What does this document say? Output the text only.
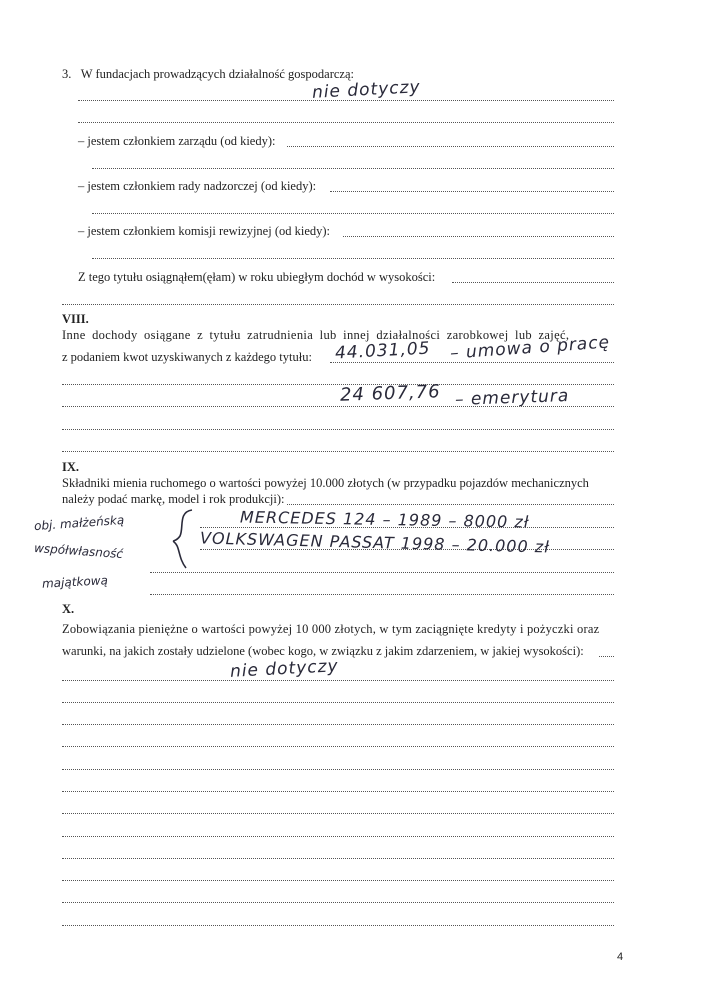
3.   W fundacjach prowadzących działalność gospodarczą:
nie dotyczy
– jestem członkiem zarządu (od kiedy):
– jestem członkiem rady nadzorczej (od kiedy):
– jestem członkiem komisji rewizyjnej (od kiedy):
Z tego tytułu osiągnąłem(ęłam) w roku ubiegłym dochód w wysokości:
VIII.
Inne dochody osiągane z tytułu zatrudnienia lub innej działalności zarobkowej lub zajęć,
z podaniem kwot uzyskiwanych z każdego tytułu: 44.031,05 – umowa o pracę
24 607,76 – emerytura
IX.
Składniki mienia ruchomego o wartości powyżej 10.000 złotych (w przypadku pojazdów mechanicznych
należy podać markę, model i rok produkcji):
obj. małżeńską
współwłasność
majątkową
MERCEDES 124 – 1989 – 8000 zł
VOLKSWAGEN PASSAT 1998 – 20.000 zł
X.
Zobowiązania pieniężne o wartości powyżej 10 000 złotych, w tym zaciągnięte kredyty i pożyczki oraz
warunki, na jakich zostały udzielone (wobec kogo, w związku z jakim zdarzeniem, w jakiej wysokości):
nie dotyczy
4
